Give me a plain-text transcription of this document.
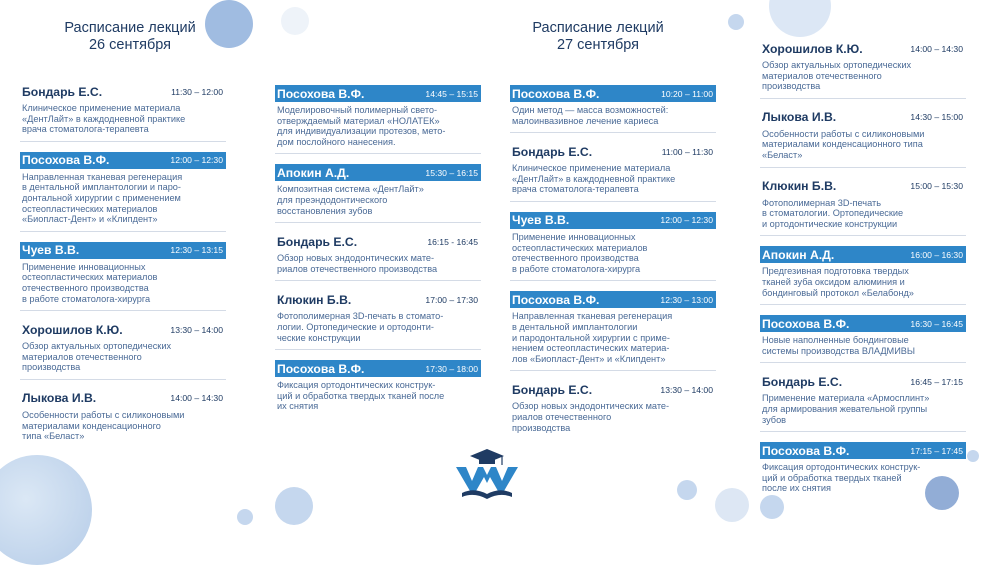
Расписание лекций
26 сентября
Расписание лекций
27 сентября
Бондарь Е.С.	11:30 – 12:00
Клиническое применение материала
«ДентЛайт» в каждодневной практике
врача стоматолога-терапевта
Посохова В.Ф.	12:00 – 12:30
Направленная тканевая регенерация
в дентальной имплантологии и паро-
донтальной хирургии с применением
остеопластических материалов
«Биопласт-Дент» и «Клипдент»
Чуев В.В.	12:30 – 13:15
Применение инновационных
остеопластических материалов
отечественного производства
в работе стоматолога-хирурга
Хорошилов К.Ю.	13:30 – 14:00
Обзор актуальных ортопедических
материалов отечественного
производства
Лыкова И.В.	14:00 – 14:30
Особенности работы с силиконовыми
материалами конденсационного
типа «Беласт»
Посохова В.Ф.	14:45 – 15:15
Моделировочный полимерный свето-
отверждаемый материал «НОЛАТЕК»
для индивидуализации протезов, мето-
дом послойного нанесения.
Апокин А.Д.	15:30 – 16:15
Композитная система «ДентЛайт»
для преэндодонтического
восстановления зубов
Бондарь Е.С.	16:15 - 16:45
Обзор новых эндодонтических мате-
риалов отечественного производства
Клюкин Б.В.	17:00 – 17:30
Фотополимерная 3D-печать в стомато-
логии. Ортопедические и ортодонти-
ческие конструкции
Посохова В.Ф.	17:30 – 18:00
Фиксация ортодонтических конструк-
ций и обработка твердых тканей после
их снятия
Посохова В.Ф.	10:20 – 11:00
Один метод — масса возможностей:
малоинвазивное лечение кариеса
Бондарь Е.С.	11:00 – 11:30
Клиническое применение материала
«ДентЛайт» в каждодневной практике
врача стоматолога-терапевта
Чуев В.В.	12:00 – 12:30
Применение инновационных
остеопластических материалов
отечественного производства
в работе стоматолога-хирурга
Посохова В.Ф.	12:30 – 13:00
Направленная тканевая регенерация
в дентальной имплантологии
и пародонтальной хирургии с приме-
нением остеопластических материа-
лов «Биопласт-Дент» и «Клипдент»
Бондарь Е.С.	13:30 – 14:00
Обзор новых эндодонтических мате-
риалов отечественного
производства
Хорошилов К.Ю.	14:00 – 14:30
Обзор актуальных ортопедических
материалов отечественного
производства
Лыкова И.В.	14:30 – 15:00
Особенности работы с силиконовыми
материалами конденсационного типа
«Беласт»
Клюкин Б.В.	15:00 – 15:30
Фотополимерная 3D-печать
в стоматологии. Ортопедические
и ортодонтические конструкции
Апокин А.Д.	16:00 – 16:30
Предгезивная подготовка твердых
тканей зуба оксидом алюминия и
бондинговый протокол «Белабонд»
Посохова В.Ф.	16:30 – 16:45
Новые наполненные бондинговые
системы производства ВЛАДМИВЫ
Бондарь Е.С.	16:45 – 17:15
Применение материала «Армосплинт»
для армирования жевательной группы
зубов
Посохова В.Ф.	17:15 – 17:45
Фиксация ортодонтических конструк-
ций и обработка твердых тканей
после их снятия
